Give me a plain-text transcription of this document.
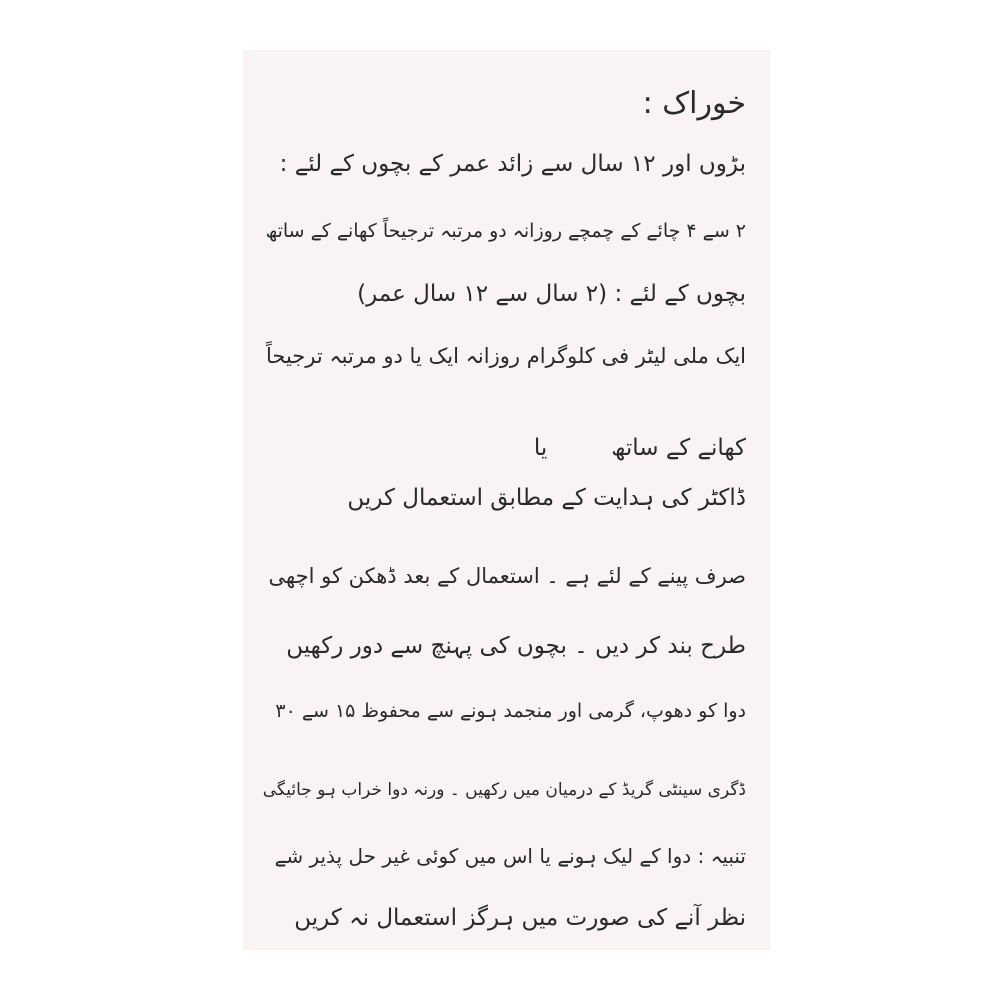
خوراک :
بڑوں اور ۱۲ سال سے زائد عمر کے بچوں کے لئے :
۲ سے ۴ چائے کے چمچے روزانہ دو مرتبہ ترجیحاً کھانے کے ساتھ
بچوں کے لئے : (۲ سال سے ۱۲ سال عمر)
ایک ملی لیٹر فی کلوگرام روزانہ ایک یا دو مرتبہ ترجیحاً
کھانے کے ساتھیا
ڈاکٹر کی ہدایت کے مطابق استعمال کریں
صرف پینے کے لئے ہے ۔ استعمال کے بعد ڈھکن کو اچھی
طرح بند کر دیں ۔ بچوں کی پہنچ سے دور رکھیں
دوا کو دھوپ، گرمی اور منجمد ہونے سے محفوظ ۱۵ سے ۳۰
ڈگری سینٹی گریڈ کے درمیان میں رکھیں ۔ ورنہ دوا خراب ہو جائیگی
تنبیہ : دوا کے لیک ہونے یا اس میں کوئی غیر حل پذیر شے
نظر آنے کی صورت میں ہرگز استعمال نہ کریں
